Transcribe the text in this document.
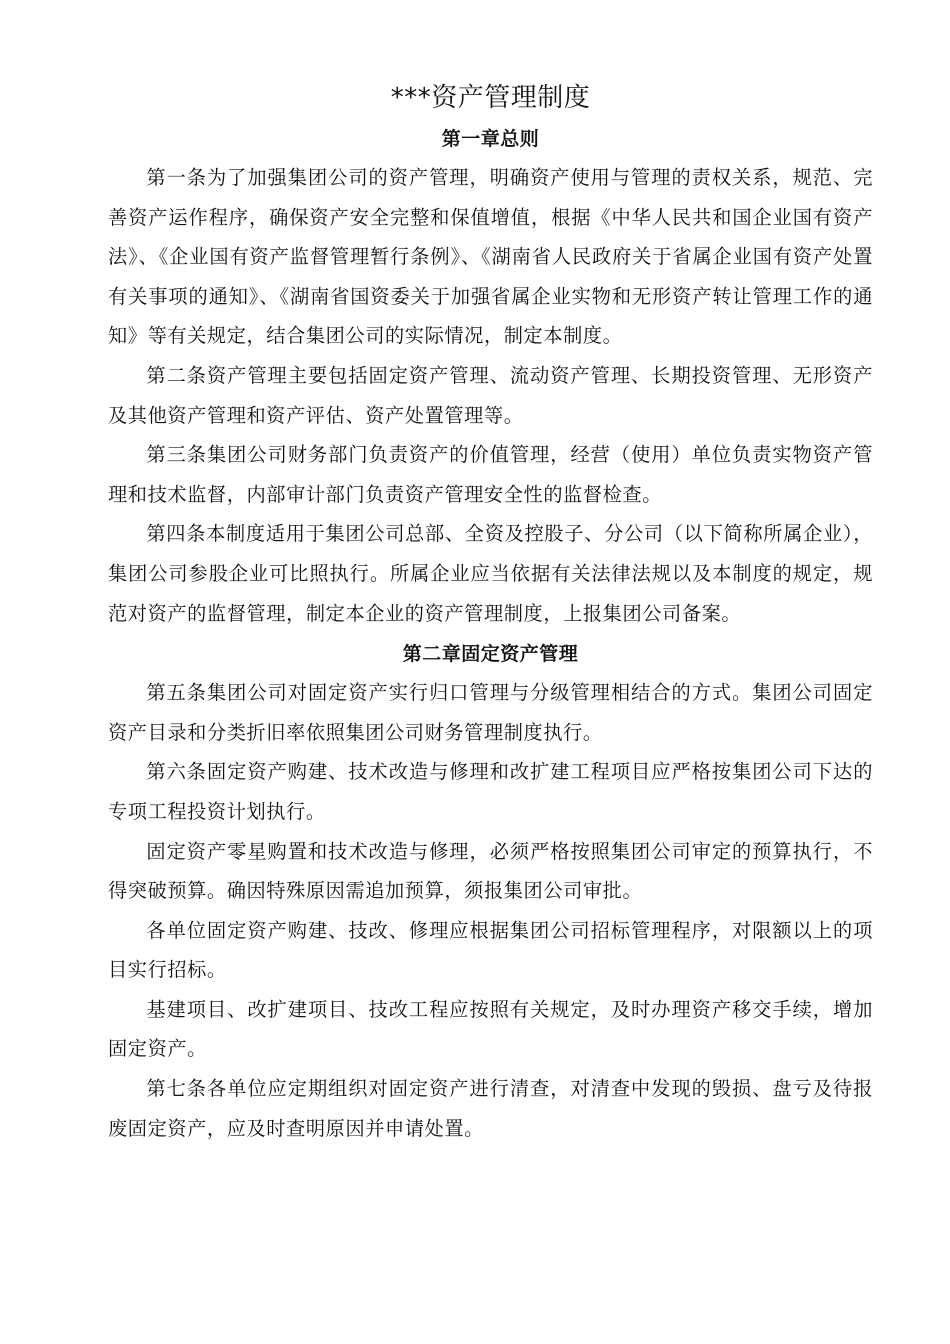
***资产管理制度
第一章总则

第一条为了加强集团公司的资产管理，明确资产使用与管理的责权关系，规范、完善资产运作程序，确保资产安全完整和保值增值，根据《中华人民共和国企业国有资产法》、《企业国有资产监督管理暂行条例》、《湖南省人民政府关于省属企业国有资产处置有关事项的通知》、《湖南省国资委关于加强省属企业实物和无形资产转让管理工作的通知》等有关规定，结合集团公司的实际情况，制定本制度。

第二条资产管理主要包括固定资产管理、流动资产管理、长期投资管理、无形资产及其他资产管理和资产评估、资产处置管理等。

第三条集团公司财务部门负责资产的价值管理，经营（使用）单位负责实物资产管理和技术监督，内部审计部门负责资产管理安全性的监督检查。

第四条本制度适用于集团公司总部、全资及控股子、分公司（以下简称所属企业），集团公司参股企业可比照执行。所属企业应当依据有关法律法规以及本制度的规定，规范对资产的监督管理，制定本企业的资产管理制度，上报集团公司备案。

第二章固定资产管理

第五条集团公司对固定资产实行归口管理与分级管理相结合的方式。集团公司固定资产目录和分类折旧率依照集团公司财务管理制度执行。

第六条固定资产购建、技术改造与修理和改扩建工程项目应严格按集团公司下达的专项工程投资计划执行。

固定资产零星购置和技术改造与修理，必须严格按照集团公司审定的预算执行，不得突破预算。确因特殊原因需追加预算，须报集团公司审批。

各单位固定资产购建、技改、修理应根据集团公司招标管理程序，对限额以上的项目实行招标。

基建项目、改扩建项目、技改工程应按照有关规定，及时办理资产移交手续，增加固定资产。

第七条各单位应定期组织对固定资产进行清查，对清查中发现的毁损、盘亏及待报废固定资产，应及时查明原因并申请处置。
